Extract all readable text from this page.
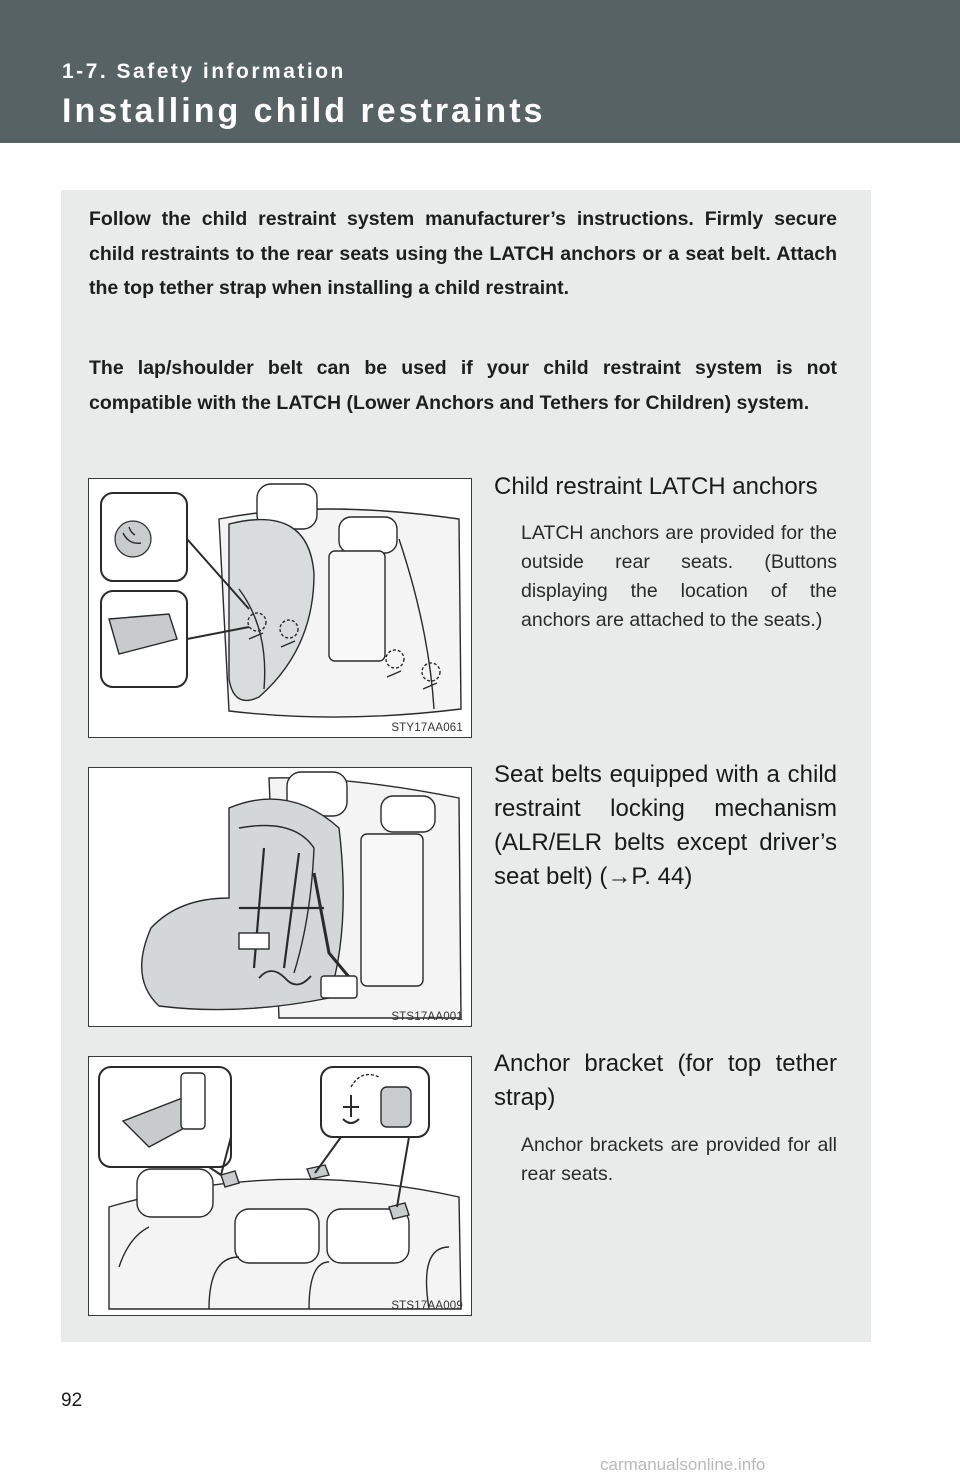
1-7. Safety information
Installing child restraints

Follow the child restraint system manufacturer’s instructions. Firmly secure child restraints to the rear seats using the LATCH anchors or a seat belt. Attach the top tether strap when installing a child restraint.

The lap/shoulder belt can be used if your child restraint system is not compatible with the LATCH (Lower Anchors and Tethers for Children) system.

STY17AA061

Child restraint LATCH anchors

LATCH anchors are provided for the outside rear seats. (Buttons displaying the location of the anchors are attached to the seats.)

STS17AA001

Seat belts equipped with a child restraint locking mechanism (ALR/ELR belts except driver’s seat belt) (→P. 44)

STS17AA009

Anchor bracket (for top tether strap)

Anchor brackets are provided for all rear seats.

92
carmanualsonline.info
